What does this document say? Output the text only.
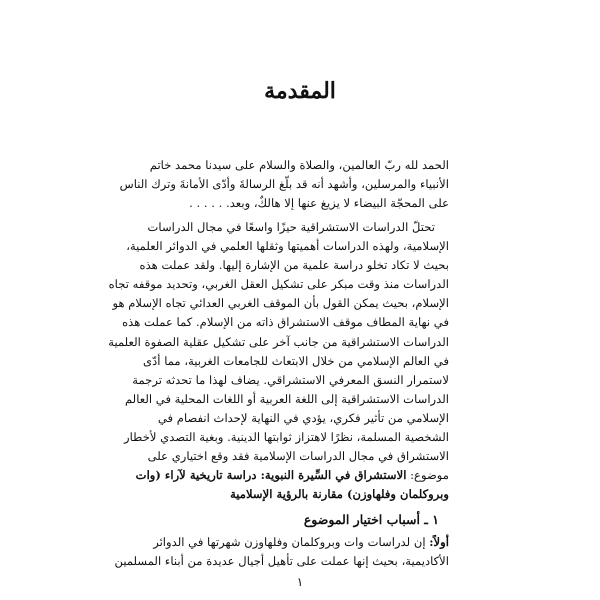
المقدمة
الحمد لله ربّ العالمين، والصلاة والسلام على سيدنا محمد خاتم
الأنبياء والمرسلين، وأشهد أنه قد بلّغ الرسالةَ وأدّى الأمانةَ وترك الناس
على المحجّة البيضاء لا يزيغ عنها إلا هالكٌ، وبعد. . . . . .
تحتلّ الدراسات الاستشراقية حيزًا واسعًا في مجال الدراسات
الإسلامية، ولهذه الدراسات أهميتها وثقلها العلمي في الدوائر العلمية،
بحيث لا تكاد تخلو دراسة علمية من الإشارة إليها. ولقد عملت هذه
الدراسات منذ وقت مبكر على تشكيل العقل الغربي، وتحديد موقفه تجاه
الإسلام، بحيث يمكن القول بأن الموقف الغربي العدائي تجاه الإسلام هو
في نهاية المطاف موقف الاستشراق ذاته من الإسلام. كما عملت هذه
الدراسات الاستشراقية من جانب آخر على تشكيل عقلية الصفوة العلمية
في العالم الإسلامي من خلال الابتعاث للجامعات الغربية، مما أدّى
لاستمرار النسق المعرفي الاستشراقي. يضاف لهذا ما تحدثه ترجمة
الدراسات الاستشراقية إلى اللغة العربية أو اللغات المحلية في العالم
الإسلامي من تأثير فكري، يؤدي في النهاية لإحداث انفصام في
الشخصية المسلمة، نظرًا لاهتزاز ثوابتها الدينية. وبغية التصدي لأخطار
الاستشراق في مجال الدراسات الإسلامية فقد وقع اختياري على
موضوع: الاستشراق في السِّيرة النبوية: دراسة تاريخية لآراء (وات
وبروكلمان وفلهاوزن) مقارنة بالرؤية الإسلامية
١ ـ أسباب اختيار الموضوع
أولاً: إن لدراسات وات وبروكلمان وفلهاوزن شهرتها في الدوائر
الأكاديمية، بحيث إنها عملت على تأهيل أجيال عديدة من أبناء المسلمين
١
